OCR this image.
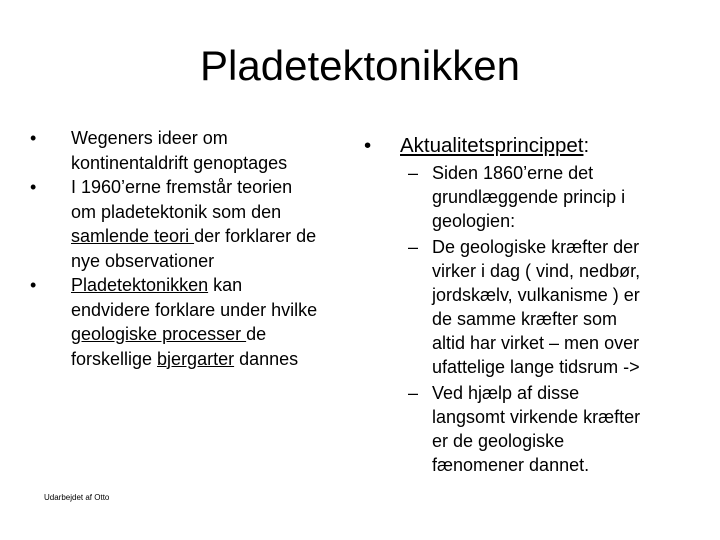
Pladetektonikken
• Wegeners ideer om
kontinentaldrift genoptages
• I 1960’erne fremstår teorien
om pladetektonik som den
samlende teori der forklarer de
nye observationer
• Pladetektonikken kan
endvidere forklare under hvilke
geologiske processer de
forskellige bjergarter dannes
• Aktualitetsprincippet:
– Siden 1860’erne det
grundlæggende princip i
geologien:
– De geologiske kræfter der
virker i dag ( vind, nedbør,
jordskælv, vulkanisme ) er
de samme kræfter som
altid har virket – men over
ufattelige lange tidsrum ->
– Ved hjælp af disse
langsomt virkende kræfter
er de geologiske
fænomener dannet.
Udarbejdet af Otto
